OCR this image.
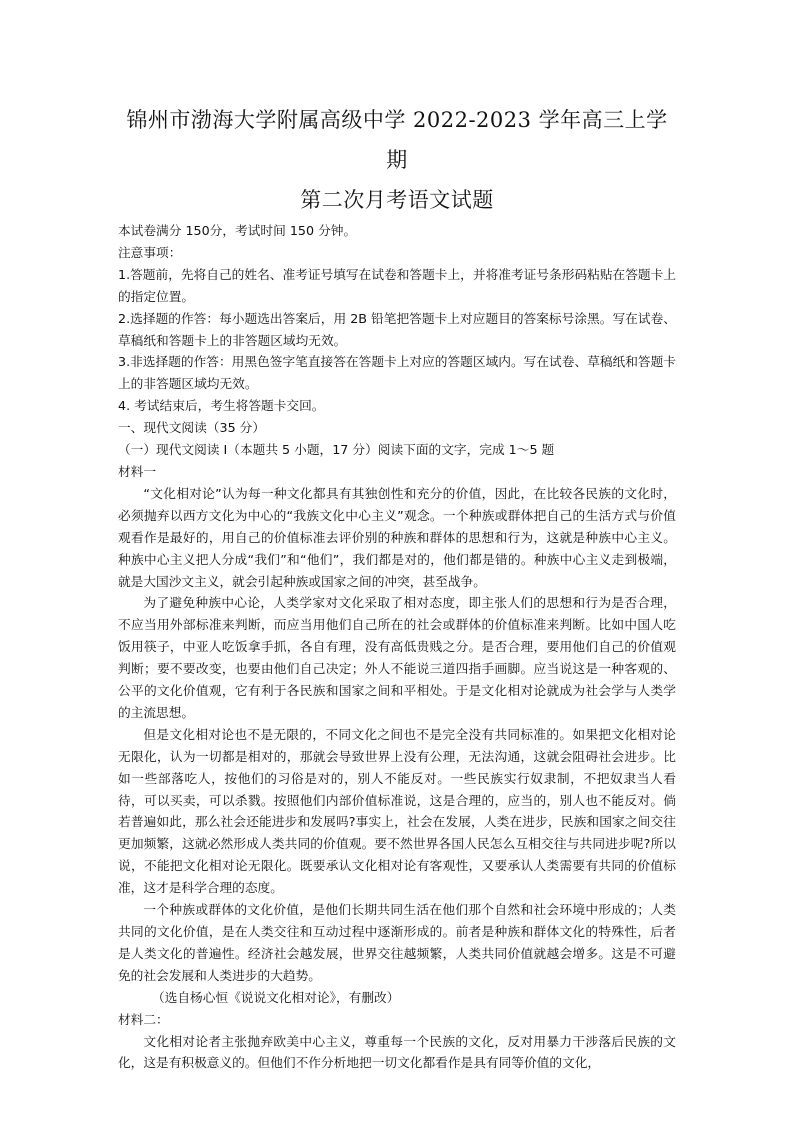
锦州市渤海大学附属高级中学 2022-2023 学年高三上学期
第二次月考语文试题

本试卷满分 150分，考试时间 150 分钟。

注意事项：

1.答题前，先将自己的姓名、准考证号填写在试卷和答题卡上，并将准考证号条形码粘贴在答题卡上的指定位置。

2.选择题的作答：每小题选出答案后，用 2B 铅笔把答题卡上对应题目的答案标号涂黑。写在试卷、草稿纸和答题卡上的非答题区域均无效。

3.非选择题的作答：用黑色签字笔直接答在答题卡上对应的答题区域内。写在试卷、草稿纸和答题卡上的非答题区域均无效。

4. 考试结束后，考生将答题卡交回。

一、现代文阅读（35 分）

（一）现代文阅读 I（本题共 5 小题，17 分）阅读下面的文字，完成 1～5 题

材料一

“文化相对论”认为每一种文化都具有其独创性和充分的价值，因此，在比较各民族的文化时，必须抛弃以西方文化为中心的“我族文化中心主义”观念。一个种族或群体把自己的生活方式与价值观看作是最好的，用自己的价值标准去评价别的种族和群体的思想和行为，这就是种族中心主义。种族中心主义把人分成“我们”和“他们”，我们都是对的，他们都是错的。种族中心主义走到极端，就是大国沙文主义，就会引起种族或国家之间的冲突，甚至战争。

为了避免种族中心论，人类学家对文化采取了相对态度，即主张人们的思想和行为是否合理，不应当用外部标准来判断，而应当用他们自己所在的社会或群体的价值标准来判断。比如中国人吃饭用筷子，中亚人吃饭拿手抓，各自有理，没有高低贵贱之分。是否合理，要用他们自己的价值观判断；要不要改变，也要由他们自己决定；外人不能说三道四指手画脚。应当说这是一种客观的、公平的文化价值观，它有利于各民族和国家之间和平相处。于是文化相对论就成为社会学与人类学的主流思想。

但是文化相对论也不是无限的，不同文化之间也不是完全没有共同标准的。如果把文化相对论无限化，认为一切都是相对的，那就会导致世界上没有公理，无法沟通，这就会阻碍社会进步。比如一些部落吃人，按他们的习俗是对的，别人不能反对。一些民族实行奴隶制，不把奴隶当人看待，可以买卖，可以杀戮。按照他们内部价值标准说，这是合理的，应当的，别人也不能反对。倘若普遍如此，那么社会还能进步和发展吗?事实上，社会在发展，人类在进步，民族和国家之间交往更加频繁，这就必然形成人类共同的价值观。要不然世界各国人民怎么互相交往与共同进步呢?所以说，不能把文化相对论无限化。既要承认文化相对论有客观性，又要承认人类需要有共同的价值标准，这才是科学合理的态度。

一个种族或群体的文化价值，是他们长期共同生活在他们那个自然和社会环境中形成的；人类共同的文化价值，是在人类交往和互动过程中逐渐形成的。前者是种族和群体文化的特殊性，后者是人类文化的普遍性。经济社会越发展，世界交往越频繁，人类共同价值就越会增多。这是不可避免的社会发展和人类进步的大趋势。

（选自杨心恒《说说文化相对论》，有删改）

材料二：

文化相对论者主张抛弃欧美中心主义，尊重每一个民族的文化，反对用暴力干涉落后民族的文化，这是有积极意义的。但他们不作分析地把一切文化都看作是具有同等价值的文化，
